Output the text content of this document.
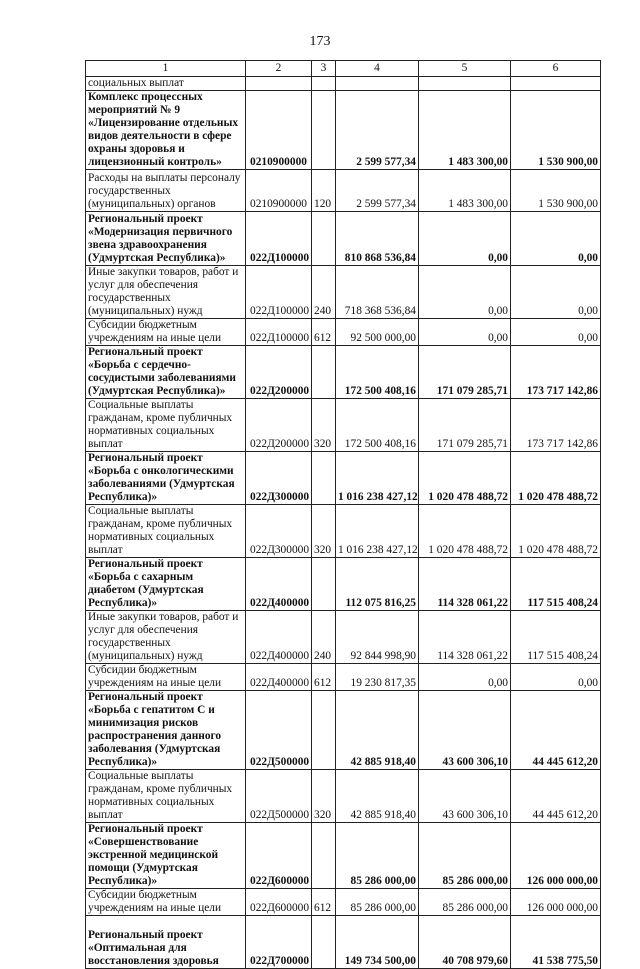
173
1	2	3	4	5	6
социальных выплат					
Комплекс процессных мероприятий № 9 «Лицензирование отдельных видов деятельности в сфере охраны здоровья и лицензионный контроль»	0210900000		2 599 577,34	1 483 300,00	1 530 900,00
Расходы на выплаты персоналу государственных (муниципальных) органов	0210900000	120	2 599 577,34	1 483 300,00	1 530 900,00
Региональный проект «Модернизация первичного звена здравоохранения (Удмуртская Республика)»	022Д100000		810 868 536,84	0,00	0,00
Иные закупки товаров, работ и услуг для обеспечения государственных (муниципальных) нужд	022Д100000	240	718 368 536,84	0,00	0,00
Субсидии бюджетным учреждениям на иные цели	022Д100000	612	92 500 000,00	0,00	0,00
Региональный проект «Борьба с сердечно-сосудистыми заболеваниями (Удмуртская Республика)»	022Д200000		172 500 408,16	171 079 285,71	173 717 142,86
Социальные выплаты гражданам, кроме публичных нормативных социальных выплат	022Д200000	320	172 500 408,16	171 079 285,71	173 717 142,86
Региональный проект «Борьба с онкологическими заболеваниями (Удмуртская Республика)»	022Д300000		1 016 238 427,12	1 020 478 488,72	1 020 478 488,72
Социальные выплаты гражданам, кроме публичных нормативных социальных выплат	022Д300000	320	1 016 238 427,12	1 020 478 488,72	1 020 478 488,72
Региональный проект «Борьба с сахарным диабетом (Удмуртская Республика)»	022Д400000		112 075 816,25	114 328 061,22	117 515 408,24
Иные закупки товаров, работ и услуг для обеспечения государственных (муниципальных) нужд	022Д400000	240	92 844 998,90	114 328 061,22	117 515 408,24
Субсидии бюджетным учреждениям на иные цели	022Д400000	612	19 230 817,35	0,00	0,00
Региональный проект «Борьба с гепатитом С и минимизация рисков распространения данного заболевания (Удмуртская Республика)»	022Д500000		42 885 918,40	43 600 306,10	44 445 612,20
Социальные выплаты гражданам, кроме публичных нормативных социальных выплат	022Д500000	320	42 885 918,40	43 600 306,10	44 445 612,20
Региональный проект «Совершенствование экстренной медицинской помощи (Удмуртская Республика)»	022Д600000		85 286 000,00	85 286 000,00	126 000 000,00
Субсидии бюджетным учреждениям на иные цели	022Д600000	612	85 286 000,00	85 286 000,00	126 000 000,00
Региональный проект «Оптимальная для восстановления здоровья	022Д700000		149 734 500,00	40 708 979,60	41 538 775,50
